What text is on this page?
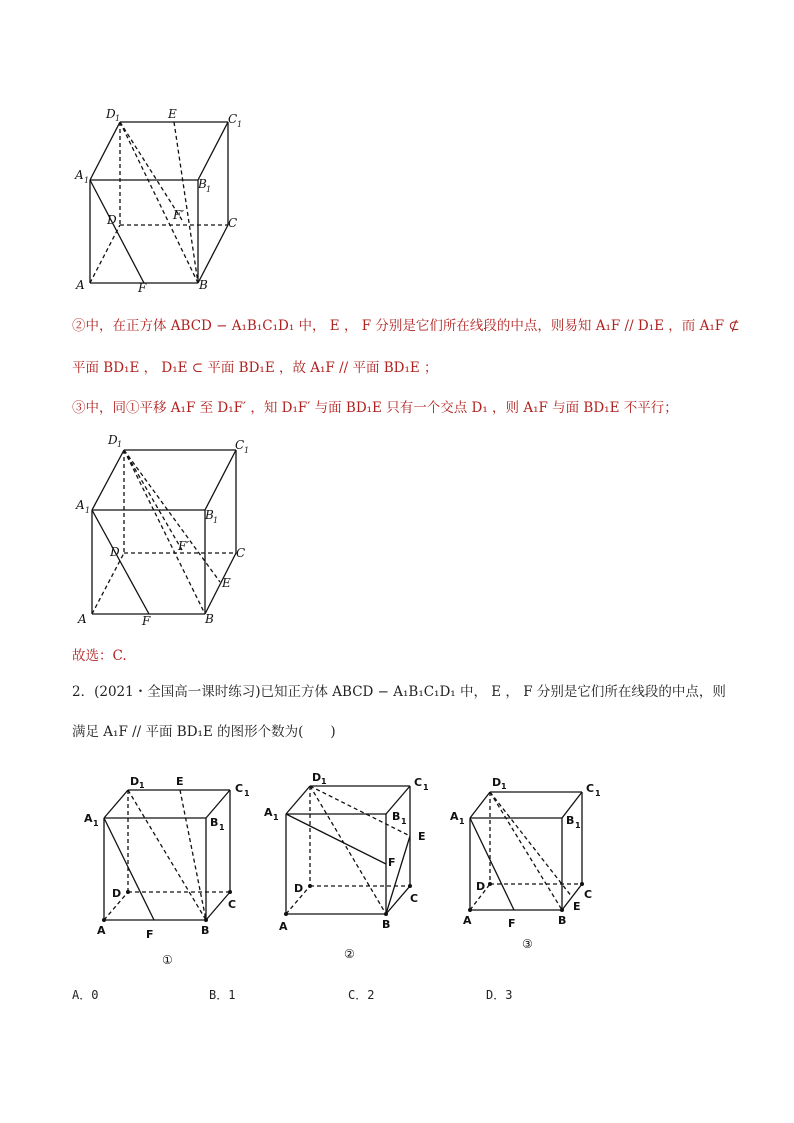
D 1	E	C 1
A 1	B 1
D	F′
C
A	F	B

②中，在正方体 ABCD − A₁B₁C₁D₁ 中， E ， F 分别是它们所在线段的中点，则易知 A₁F // D₁E ，而 A₁F ⊄

平面 BD₁E ， D₁E ⊂ 平面 BD₁E ，故 A₁F // 平面 BD₁E ；

③中，同①平移 A₁F 至 D₁F′ ，知 D₁F′ 与面 BD₁E 只有一个交点 D₁ ，则 A₁F 与面 BD₁E 不平行；

D 1	C 1
A 1	B 1
D	C
A	B
E
F
F′

故选：C.

2．(2021・全国高一课时练习)已知正方体 ABCD − A₁B₁C₁D₁ 中， E ， F 分别是它们所在线段的中点，则

满足 A₁F // 平面 BD₁E 的图形个数为(　　)

D 1	E
C 1
A 1	B 1
D
C
A	F	B
①
D 1	C 1
A 1	B 1
E
F
D
C
A	B
②
D 1	C 1
A 1	B 1
D
C
A	F	B
E
③
A．0	B．1	C．2	D．3
